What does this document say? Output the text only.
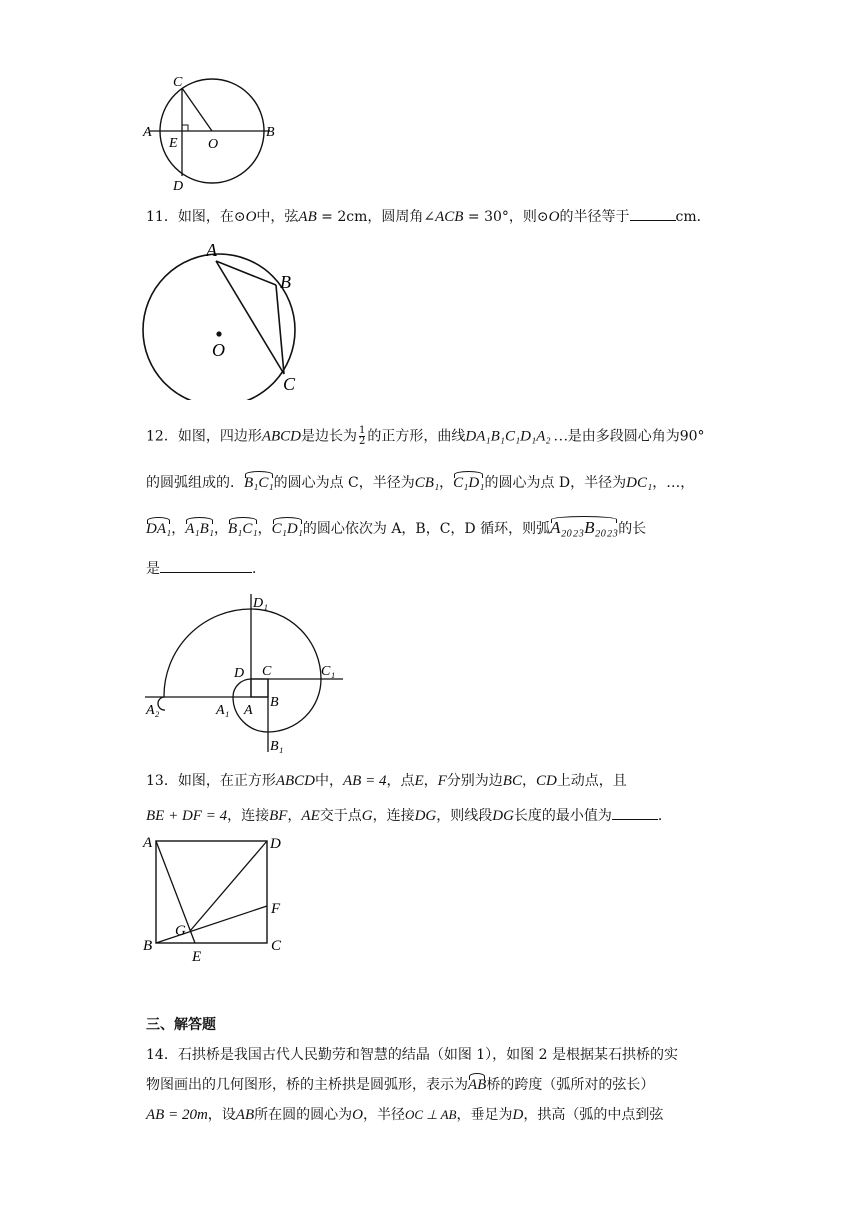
C
A
E O
B
D
11．如图，在⊙O中，弦AB = 2cm，圆周角∠ACB = 30°，则⊙O的半径等于	cm．
A
B
O
C
12．如图，四边形ABCD是边长为 $\frac{1}{2}$ 的正方形，曲线DA₁B₁C₁D₁A₂ …是由多段圆心角为90°
的圆弧组成的．B₁C₁的圆心为点 C，半径为CB₁，C₁D₁的圆心为点 D，半径为DC₁，…，
DA₁，A₁B₁，B₁C₁，C₁D₁的圆心依次为 A，B，C，D 循环，则弧A₂₀₂₃B₂₀₂₃的长
是	．
D₁
D C	C₁
A₂	A₁ A
B
B₁
13．如图，在正方形ABCD中，AB = 4，点E，F分别为边BC，CD上动点，且
BE + DF = 4，连接BF，AE交于点G，连接DG，则线段DG长度的最小值为	．
A	D
F
G
B	C
E
三、解答题
14．石拱桥是我国古代人民勤劳和智慧的结晶（如图 1），如图 2 是根据某石拱桥的实
物图画出的几何图形，桥的主桥拱是圆弧形，表示为AB桥的跨度（弧所对的弦长）
AB = 20m，设AB所在圆的圆心为O，半径OC ⊥ AB，垂足为D，拱高（弧的中点到弦
